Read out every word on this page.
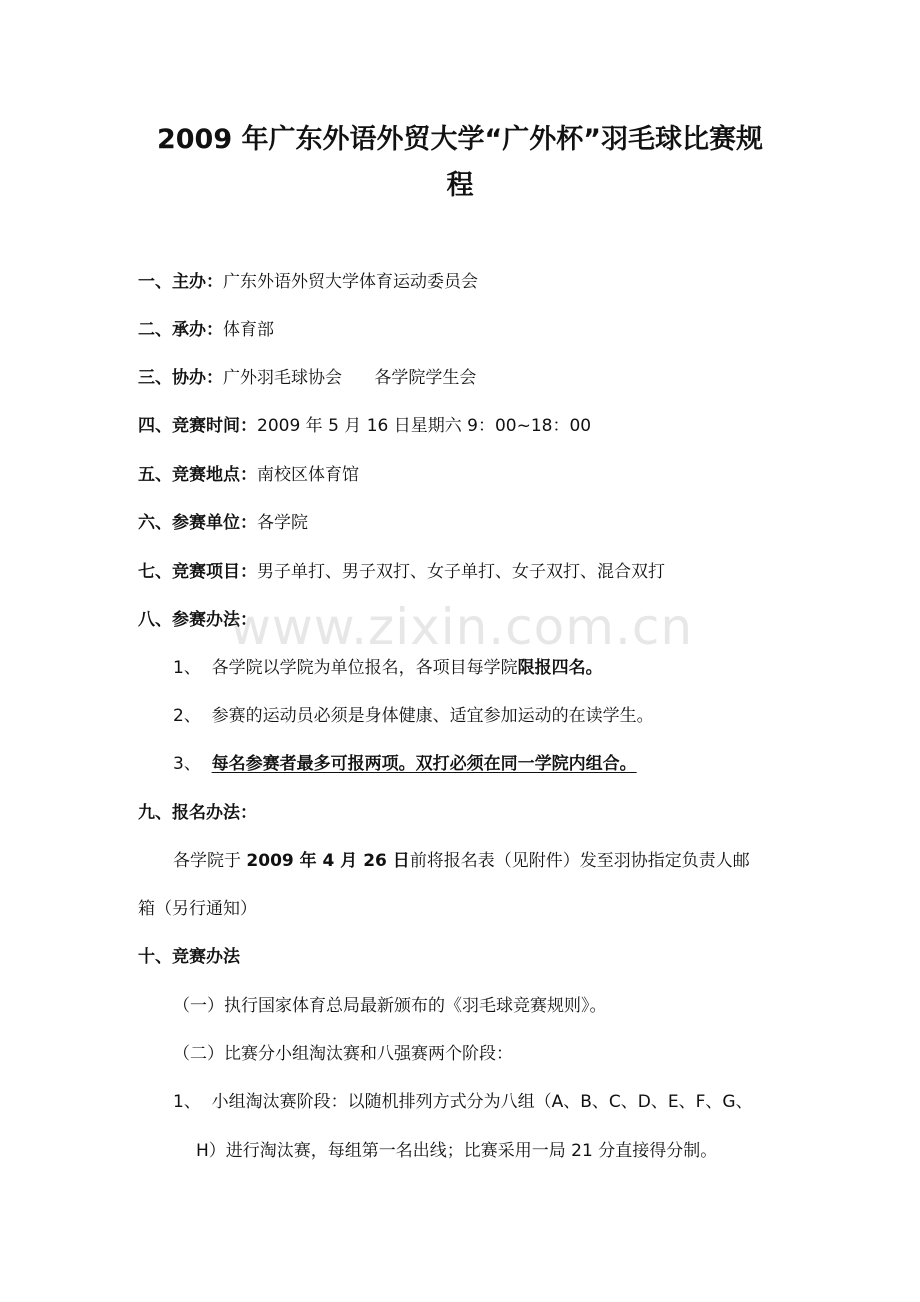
2009 年广东外语外贸大学“广外杯”羽毛球比赛规
程

一、主办：广东外语外贸大学体育运动委员会

二、承办：体育部

三、协办：广外羽毛球协会      各学院学生会

四、竞赛时间：2009 年 5 月 16 日星期六 9：00~18：00

五、竞赛地点：南校区体育馆

六、参赛单位：各学院

七、竞赛项目：男子单打、男子双打、女子单打、女子双打、混合双打

八、参赛办法：

1、 各学院以学院为单位报名，各项目每学院限报四名。

2、 参赛的运动员必须是身体健康、适宜参加运动的在读学生。

3、 每名参赛者最多可报两项。双打必须在同一学院内组合。

www.zixin.com.cn

九、报名办法：

各学院于 2009 年 4 月 26 日前将报名表（见附件）发至羽协指定负责人邮

箱（另行通知）

十、竞赛办法

（一）执行国家体育总局最新颁布的《羽毛球竞赛规则》。

（二）比赛分小组淘汰赛和八强赛两个阶段：

1、 小组淘汰赛阶段：以随机排列方式分为八组（A、B、C、D、E、F、G、

H）进行淘汰赛，每组第一名出线；比赛采用一局 21 分直接得分制。
